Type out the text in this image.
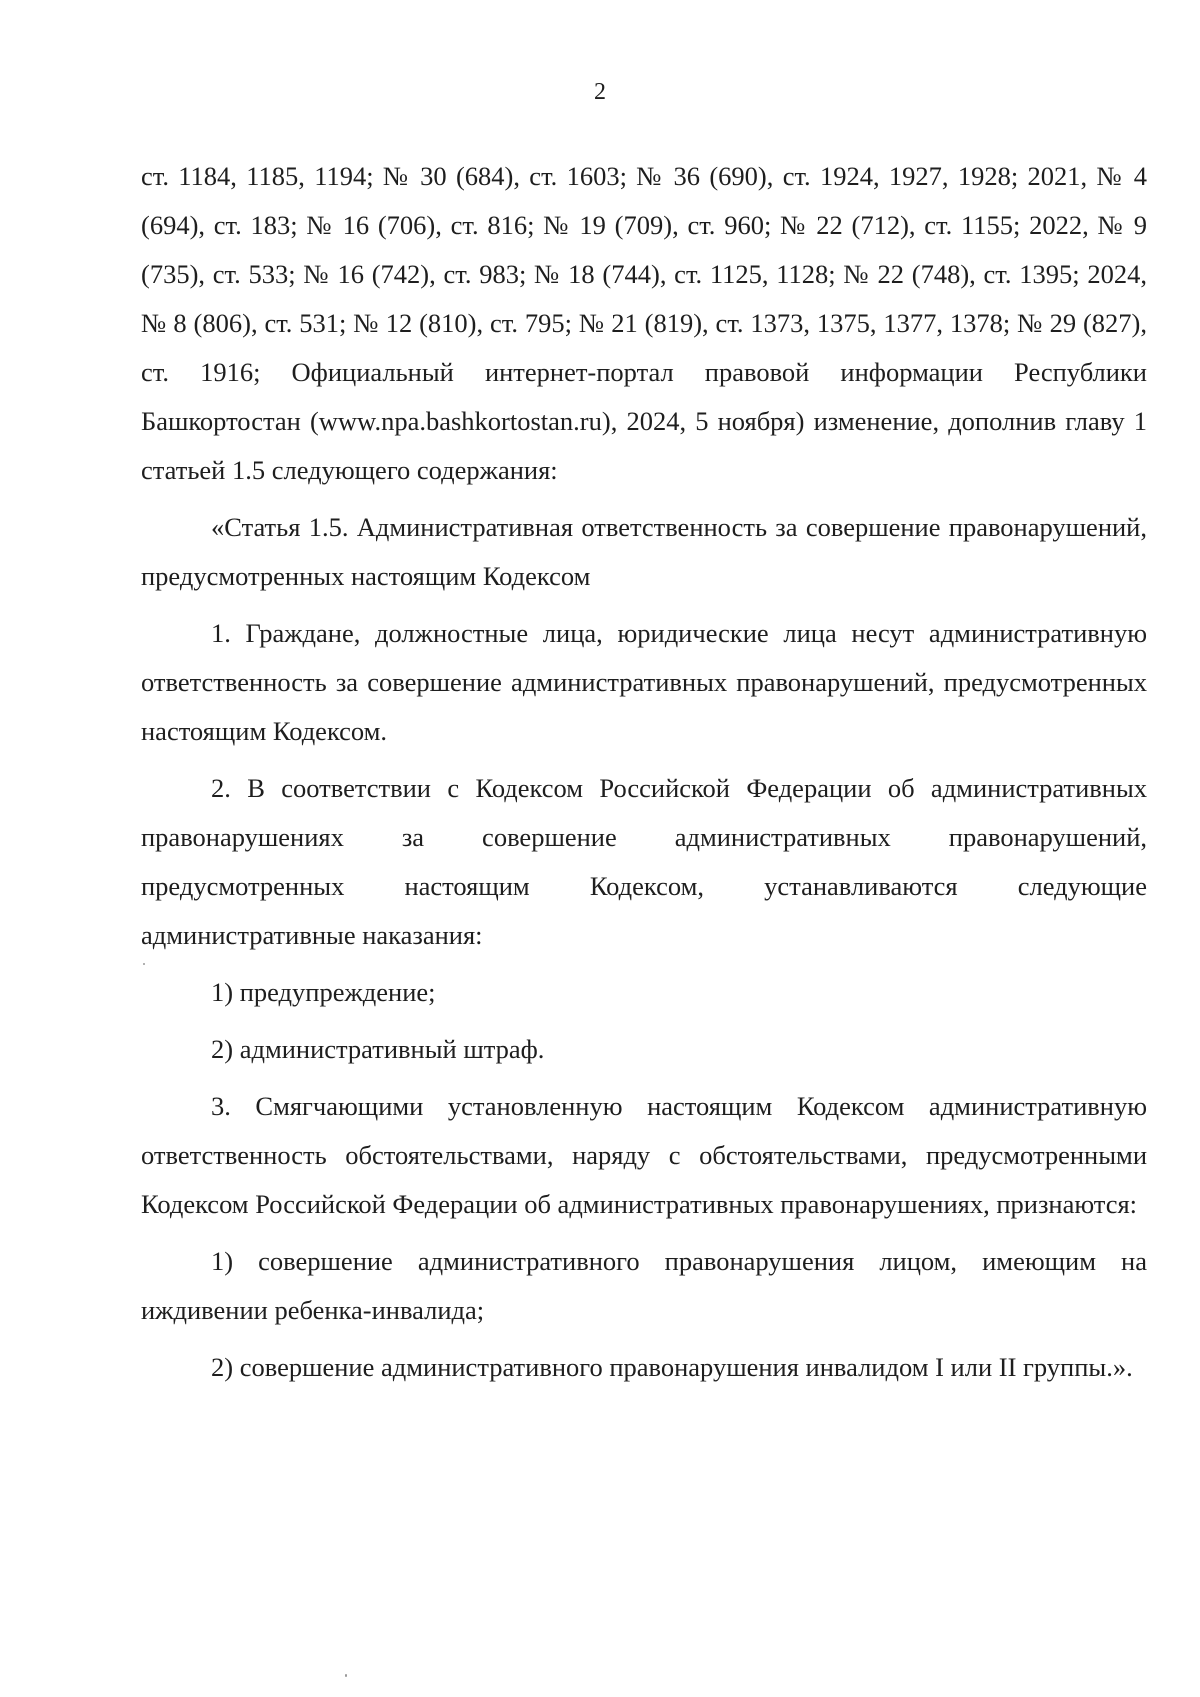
2

ст. 1184, 1185, 1194; № 30 (684), ст. 1603; № 36 (690), ст. 1924, 1927, 1928; 2021, № 4 (694), ст. 183; № 16 (706), ст. 816; № 19 (709), ст. 960; № 22 (712), ст. 1155; 2022, № 9 (735), ст. 533; № 16 (742), ст. 983; № 18 (744), ст. 1125, 1128; № 22 (748), ст. 1395; 2024, № 8 (806), ст. 531; № 12 (810), ст. 795; № 21 (819), ст. 1373, 1375, 1377, 1378; № 29 (827), ст. 1916; Официальный интернет-портал правовой информации Республики Башкортостан (www.npa.bashkortostan.ru), 2024, 5 ноября) изменение, дополнив главу 1 статьей 1.5 следующего содержания:

«Статья 1.5. Административная ответственность за совершение правонарушений, предусмотренных настоящим Кодексом

1. Граждане, должностные лица, юридические лица несут административную ответственность за совершение административных правонарушений, предусмотренных настоящим Кодексом.

2. В соответствии с Кодексом Российской Федерации об административных правонарушениях за совершение административных правонарушений, предусмотренных настоящим Кодексом, устанавливаются следующие административные наказания:

1) предупреждение;

2) административный штраф.

3. Смягчающими установленную настоящим Кодексом административную ответственность обстоятельствами, наряду с обстоятельствами, предусмотренными Кодексом Российской Федерации об административных правонарушениях, признаются:

1) совершение административного правонарушения лицом, имеющим на иждивении ребенка-инвалида;

2) совершение административного правонарушения инвалидом I или II группы.».
